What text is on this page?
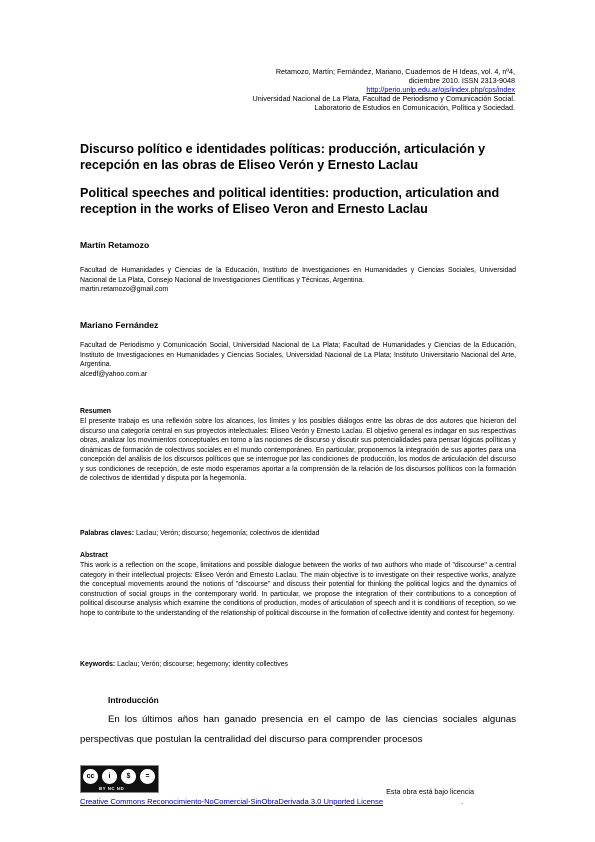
Retamozo, Martín; Fernández, Mariano, Cuadernos de H Ideas, vol. 4, nº4,
diciembre 2010. ISSN 2313-9048
http://perio.unlp.edu.ar/ojs/index.php/cps/index
Universidad Nacional de La Plata, Facultad de Periodismo y Comunicación Social.
Laboratorio de Estudios en Comunicación, Política y Sociedad.
Discurso político e identidades políticas: producción, articulación y recepción en las obras de Eliseo Verón y Ernesto Laclau
Political speeches and political identities: production, articulation and reception in the works of Eliseo Veron and Ernesto Laclau
Martín Retamozo
Facultad de Humanidades y Ciencias de la Educación, Instituto de Investigaciones en Humanidades y Ciencias Sociales, Universidad Nacional de La Plata, Consejo Nacional de Investigaciones Científicas y Técnicas, Argentina.
martin.retamozo@gmail.com
Mariano Fernández
Facultad de Periodismo y Comunicación Social, Universidad Nacional de La Plata; Facultad de Humanidades y Ciencias de la Educación, Instituto de Investigaciones en Humanidades y Ciencias Sociales, Universidad Nacional de La Plata; Instituto Universitario Nacional del Arte, Argentina.
alcedf@yahoo.com.ar
Resumen
El presente trabajo es una reflexión sobre los alcances, los límites y los posibles diálogos entre las obras de dos autores que hicieron del discurso una categoría central en sus proyectos intelectuales: Eliseo Verón y Ernesto Laclau. El objetivo general es indagar en sus respectivas obras, analizar los movimientos conceptuales en torno a las nociones de discurso y discutir sus potencialidades para pensar lógicas políticas y dinámicas de formación de colectivos sociales en el mundo contemporáneo. En particular, proponemos la integración de sus aportes para una concepción del análisis de los discursos políticos que se interrogue por las condiciones de producción, los modos de articulación del discurso y sus condiciones de recepción, de este modo esperamos aportar a la comprensión de la relación de los discursos políticos con la formación de colectivos de identidad y disputa por la hegemonía.
Palabras claves: Laclau; Verón; discurso; hegemonía; colectivos de identidad
Abstract
This work is a reflection on the scope, limitations and possible dialogue between the works of two authors who made of "discourse" a central category in their intellectual projects: Eliseo Verón and Ernesto Laclau. The main objective is to investigate on their respective works, analyze the conceptual movements around the notions of "discourse" and discuss their potential for thinking the political logics and the dynamics of construction of social groups in the contemporary world. In particular, we propose the integration of their contributions to a conception of political discourse analysis which examine the conditions of production, modes of articulation of speech and it is conditions of reception, so we hope to contribute to the understanding of the relationship of political discourse in the formation of collective identity and contest for hegemony.
Keywords: Laclau; Verón; discourse; hegemony; identity collectives
Introducción
En los últimos años han ganado presencia en el campo de las ciencias sociales algunas perspectivas que postulan la centralidad del discurso para comprender procesos
cc	i	$	=
BY NC ND	Esta obra está bajo licencia
Creative Commons Reconocimiento-NoComercial-SinObraDerivada 3.0 Unported License	.
